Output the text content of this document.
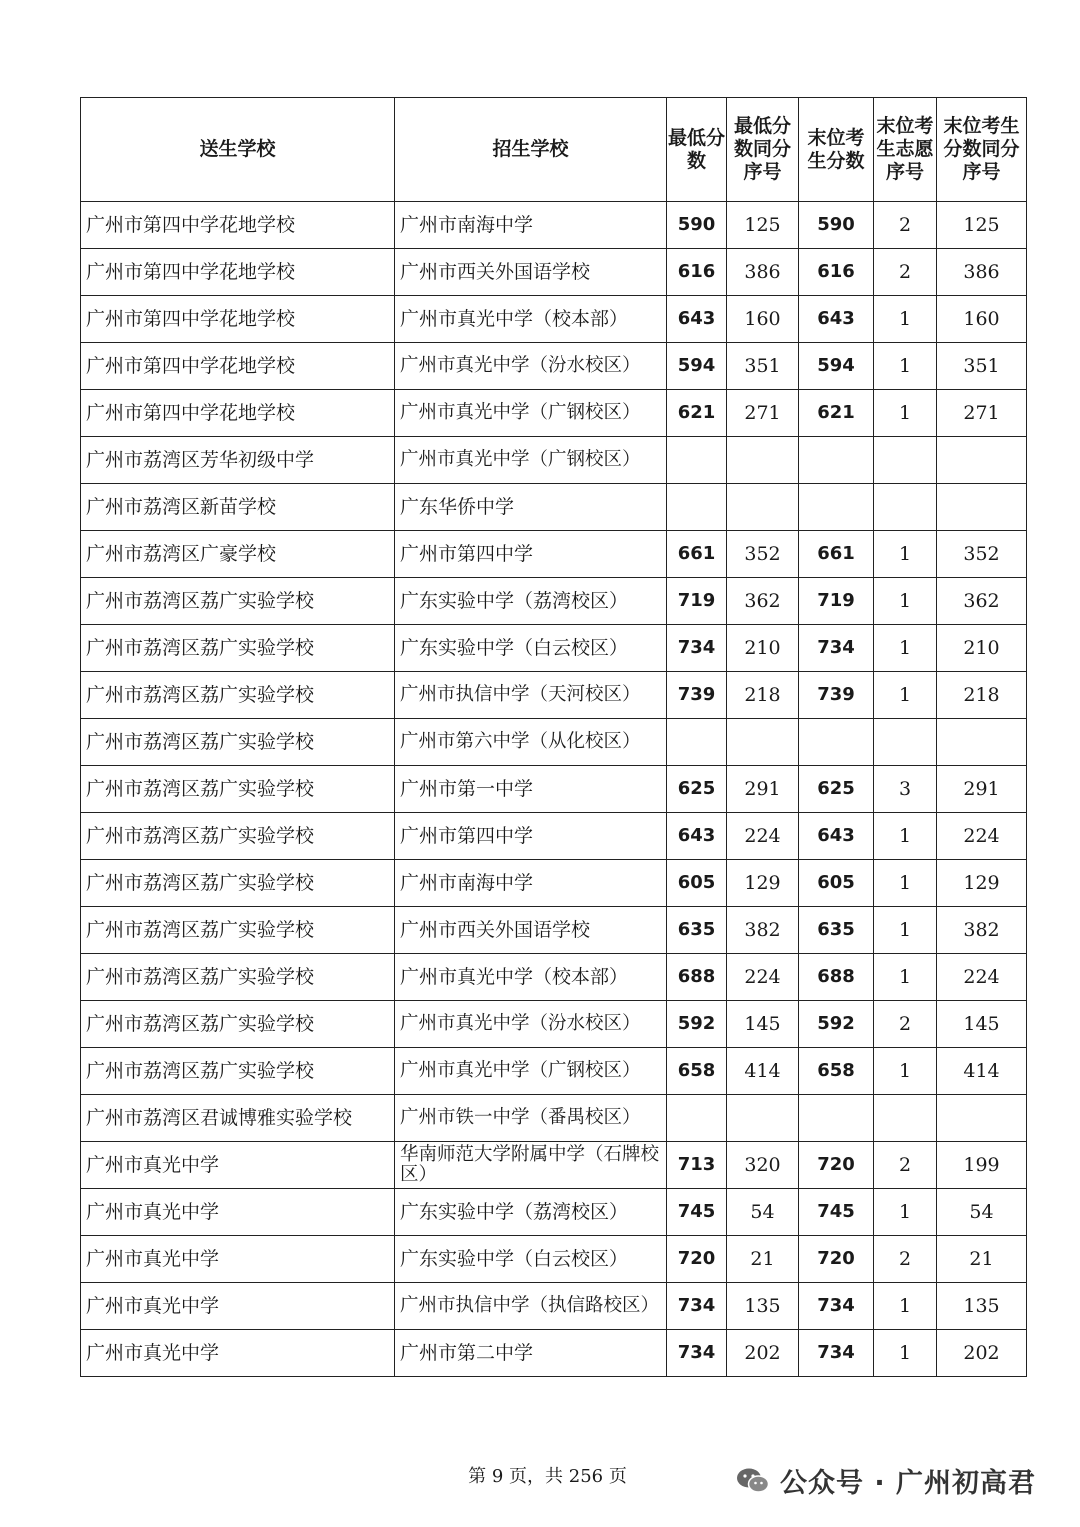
送生学校	招生学校	最低分数	最低分数同分序号	末位考生分数	末位考生志愿序号	末位考生分数同分序号
广州市第四中学花地学校	广州市南海中学	590	125	590	2	125
广州市第四中学花地学校	广州市西关外国语学校	616	386	616	2	386
广州市第四中学花地学校	广州市真光中学（校本部）	643	160	643	1	160
广州市第四中学花地学校	广州市真光中学（汾水校区）	594	351	594	1	351
广州市第四中学花地学校	广州市真光中学（广钢校区）	621	271	621	1	271
广州市荔湾区芳华初级中学	广州市真光中学（广钢校区）					
广州市荔湾区新苗学校	广东华侨中学					
广州市荔湾区广豪学校	广州市第四中学	661	352	661	1	352
广州市荔湾区荔广实验学校	广东实验中学（荔湾校区）	719	362	719	1	362
广州市荔湾区荔广实验学校	广东实验中学（白云校区）	734	210	734	1	210
广州市荔湾区荔广实验学校	广州市执信中学（天河校区）	739	218	739	1	218
广州市荔湾区荔广实验学校	广州市第六中学（从化校区）					
广州市荔湾区荔广实验学校	广州市第一中学	625	291	625	3	291
广州市荔湾区荔广实验学校	广州市第四中学	643	224	643	1	224
广州市荔湾区荔广实验学校	广州市南海中学	605	129	605	1	129
广州市荔湾区荔广实验学校	广州市西关外国语学校	635	382	635	1	382
广州市荔湾区荔广实验学校	广州市真光中学（校本部）	688	224	688	1	224
广州市荔湾区荔广实验学校	广州市真光中学（汾水校区）	592	145	592	2	145
广州市荔湾区荔广实验学校	广州市真光中学（广钢校区）	658	414	658	1	414
广州市荔湾区君诚博雅实验学校	广州市铁一中学（番禺校区）					
广州市真光中学	华南师范大学附属中学（石牌校区）	713	320	720	2	199
广州市真光中学	广东实验中学（荔湾校区）	745	54	745	1	54
广州市真光中学	广东实验中学（白云校区）	720	21	720	2	21
广州市真光中学	广州市执信中学（执信路校区）	734	135	734	1	135
广州市真光中学	广州市第二中学	734	202	734	1	202
第 9 页，共 256 页	公众号 · 广州初高君
